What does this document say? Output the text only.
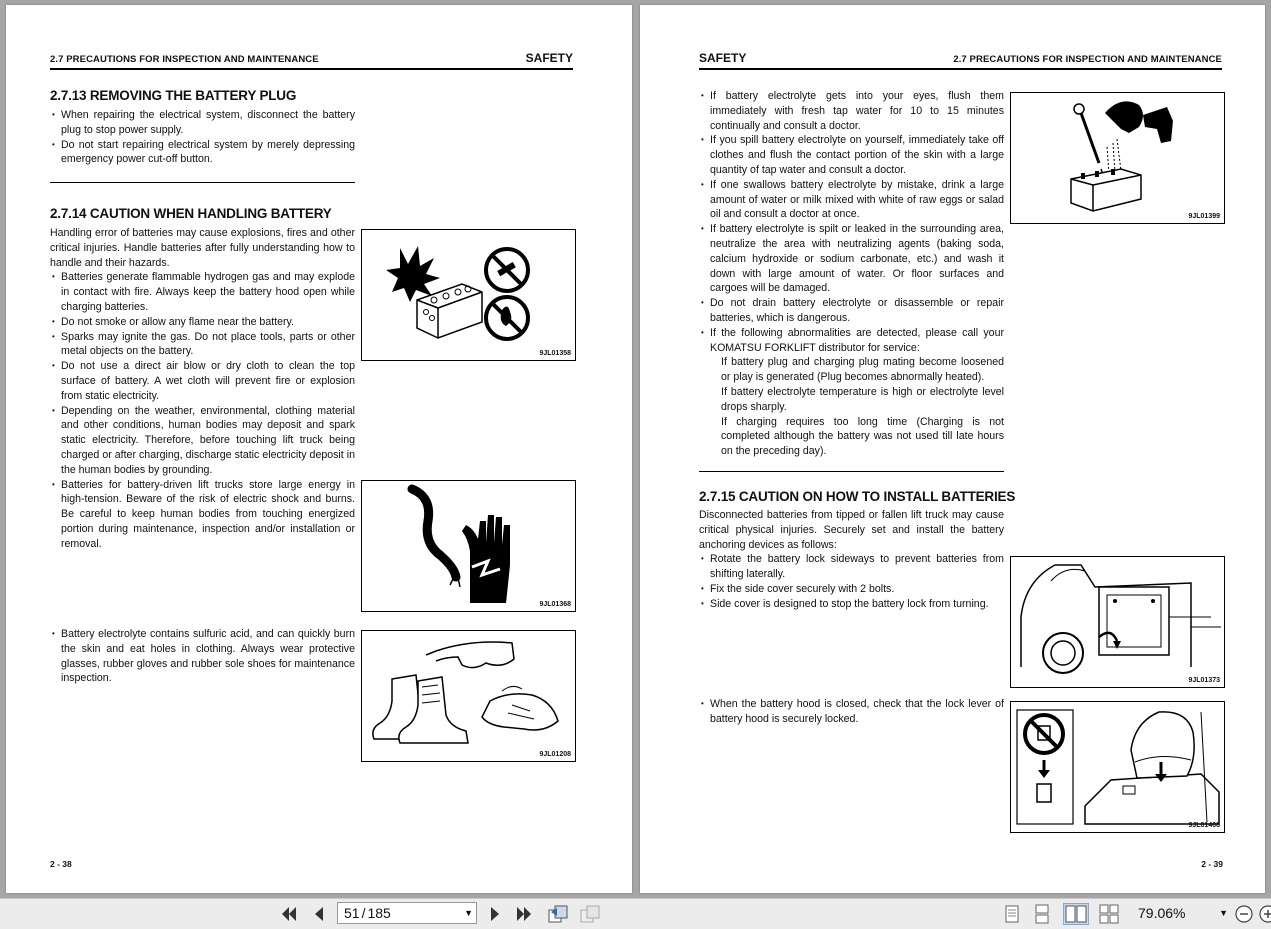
2.7 PRECAUTIONS FOR INSPECTION AND MAINTENANCE	SAFETY
2.7.13 REMOVING THE BATTERY PLUG

• When repairing the electrical system, disconnect the battery plug to stop power supply.

• Do not start repairing electrical system by merely depressing emergency power cut-off button.

2.7.14 CAUTION WHEN HANDLING BATTERY

Handling error of batteries may cause explosions, fires and other critical injuries. Handle batteries after fully understanding how to handle and their hazards.

• Batteries generate flammable hydrogen gas and may explode in contact with fire. Always keep the battery hood open while charging batteries.

• Do not smoke or allow any flame near the battery.

• Sparks may ignite the gas. Do not place tools, parts or other metal objects on the battery.

• Do not use a direct air blow or dry cloth to clean the top surface of battery. A wet cloth will prevent fire or explosion from static electricity.

• Depending on the weather, environmental, clothing material and other conditions, human bodies may deposit and spark static electricity. Therefore, before touching lift truck being charged or after charging, discharge static electricity deposit in the human bodies by grounding.

• Batteries for battery-driven lift trucks store large energy in high-tension. Beware of the risk of electric shock and burns. Be careful to keep human bodies from touching energized portion during maintenance, inspection and/or installation or removal.

• Battery electrolyte contains sulfuric acid, and can quickly burn the skin and eat holes in clothing. Always wear protective glasses, rubber gloves and rubber sole shoes for maintenance inspection.

9JL01358
9JL01368
9JL01208
2 - 38
SAFETY	2.7 PRECAUTIONS FOR INSPECTION AND MAINTENANCE

• If battery electrolyte gets into your eyes, flush them immediately with fresh tap water for 10 to 15 minutes continually and consult a doctor.

• If you spill battery electrolyte on yourself, immediately take off clothes and flush the contact portion of the skin with a large quantity of tap water and consult a doctor.

• If one swallows battery electrolyte by mistake, drink a large amount of water or milk mixed with white of raw eggs or salad oil and consult a doctor at once.

• If battery electrolyte is spilt or leaked in the surrounding area, neutralize the area with neutralizing agents (baking soda, calcium hydroxide or sodium carbonate, etc.) and wash it down with large amount of water. Or floor surfaces and cargoes will be damaged.

• Do not drain battery electrolyte or disassemble or repair batteries, which is dangerous.

• If the following abnormalities are detected, please call your KOMATSU FORKLIFT distributor for service:

If battery plug and charging plug mating become loosened or play is generated (Plug becomes abnormally heated).

If battery electrolyte temperature is high or electrolyte level drops sharply.

If charging requires too long time (Charging is not completed although the battery was not used till late hours on the preceding day).

2.7.15 CAUTION ON HOW TO INSTALL BATTERIES

Disconnected batteries from tipped or fallen lift truck may cause critical physical injuries. Securely set and install the battery anchoring devices as follows:

• Rotate the battery lock sideways to prevent batteries from shifting laterally.

• Fix the side cover securely with 2 bolts.

• Side cover is designed to stop the battery lock from turning.

• When the battery hood is closed, check that the lock lever of battery hood is securely locked.

9JL01399
9JL01373
9JL01408
2 - 39
51 / 185	▼	79.06%	▼
